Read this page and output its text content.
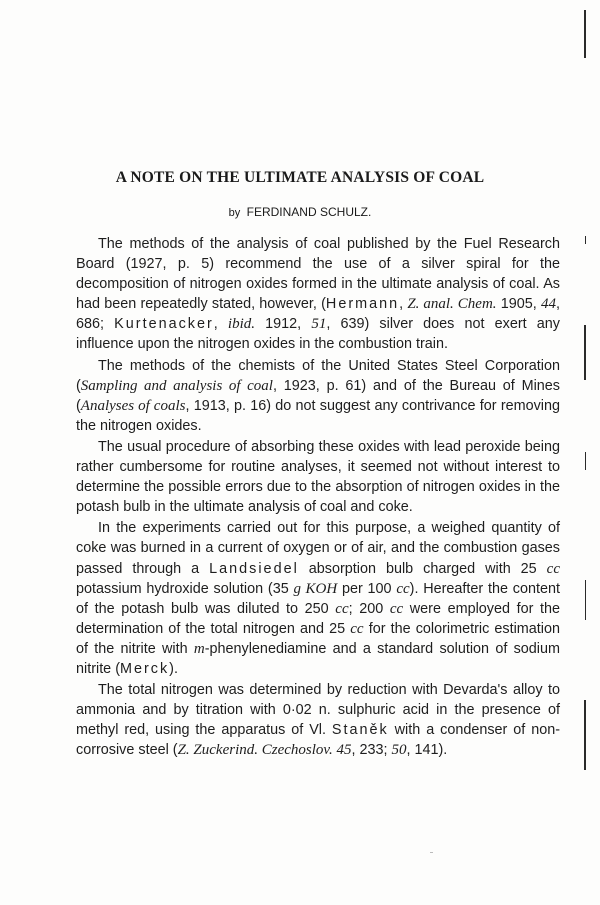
A NOTE ON THE ULTIMATE ANALYSIS OF COAL
by FERDINAND SCHULZ.

The methods of the analysis of coal published by the Fuel Research Board (1927, p. 5) recommend the use of a silver spiral for the decomposition of nitrogen oxides formed in the ultimate analysis of coal. As had been repeatedly stated, however, (Hermann, Z. anal. Chem. 1905, 44, 686; Kurtenacker, ibid. 1912, 51, 639) silver does not exert any influence upon the nitrogen oxides in the combustion train.

The methods of the chemists of the United States Steel Corporation (Sampling and analysis of coal, 1923, p. 61) and of the Bureau of Mines (Analyses of coals, 1913, p. 16) do not suggest any contrivance for removing the nitrogen oxides.

The usual procedure of absorbing these oxides with lead peroxide being rather cumbersome for routine analyses, it seemed not without interest to determine the possible errors due to the absorption of nitrogen oxides in the potash bulb in the ultimate analysis of coal and coke.

In the experiments carried out for this purpose, a weighed quantity of coke was burned in a current of oxygen or of air, and the combustion gases passed through a Landsiedel absorption bulb charged with 25 cc potassium hydroxide solution (35 g KOH per 100 cc). Hereafter the content of the potash bulb was diluted to 250 cc; 200 cc were employed for the determination of the total nitrogen and 25 cc for the colorimetric estimation of the nitrite with m-phenylenediamine and a standard solution of sodium nitrite (Merck).

The total nitrogen was determined by reduction with Devarda's alloy to ammonia and by titration with 0·02 n. sulphuric acid in the presence of methyl red, using the apparatus of Vl. Staněk with a condenser of non-corrosive steel (Z. Zuckerind. Czechoslov. 45, 233; 50, 141).
